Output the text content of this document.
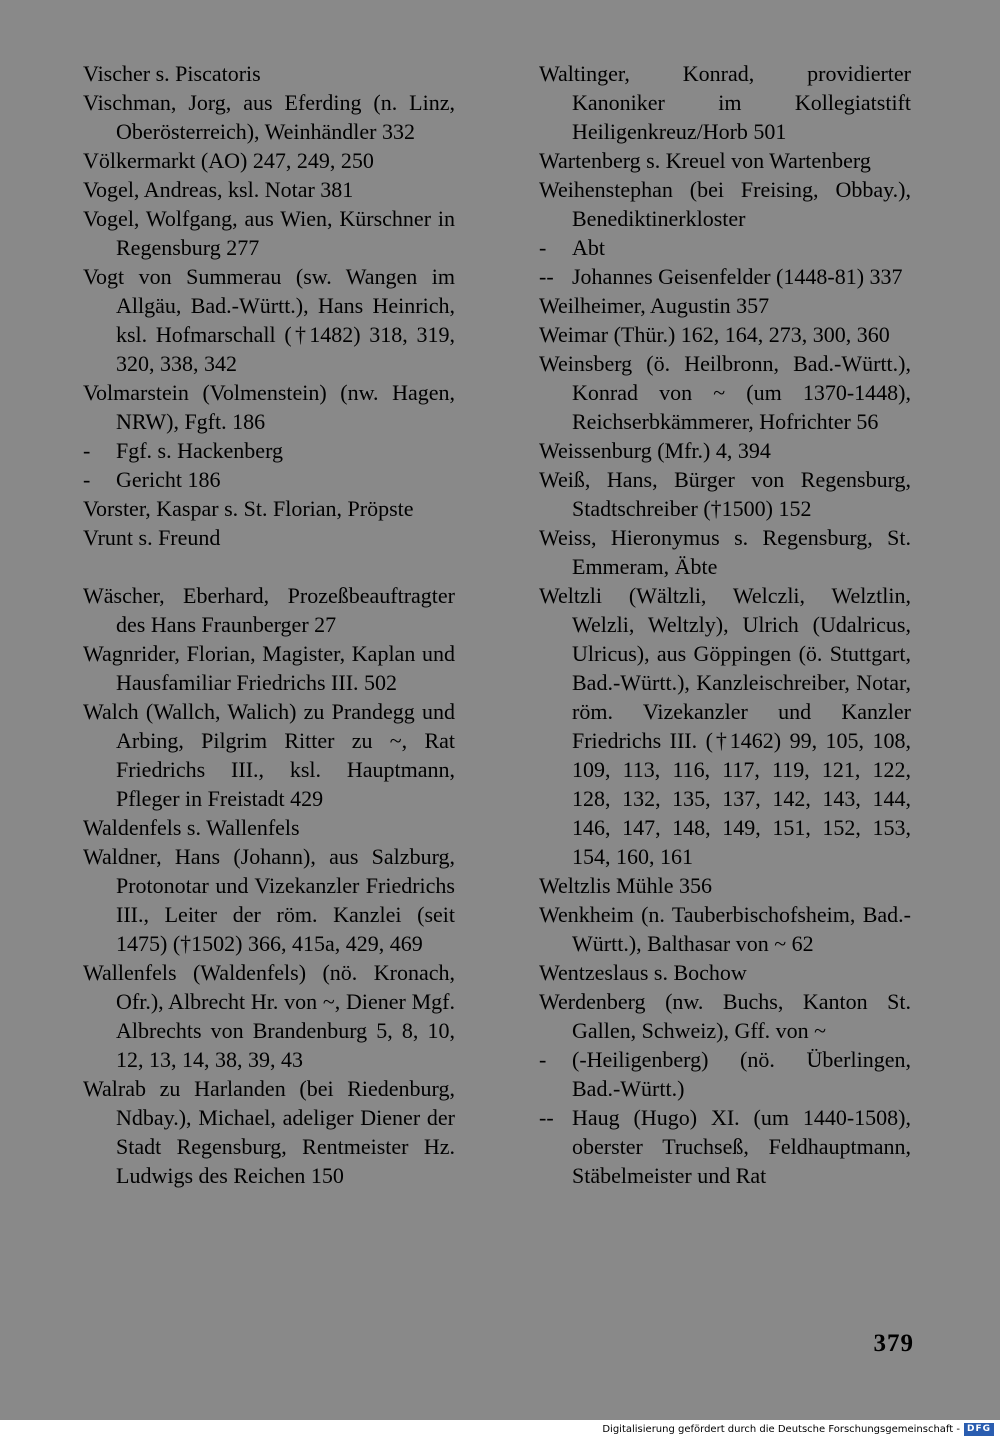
Vischer s. Piscatoris

Vischman, Jorg, aus Eferding (n. Linz, Oberösterreich), Weinhändler 332

Völkermarkt (AO) 247, 249, 250

Vogel, Andreas, ksl. Notar 381

Vogel, Wolfgang, aus Wien, Kürschner in Regensburg 277

Vogt von Summerau (sw. Wangen im Allgäu, Bad.-Württ.), Hans Heinrich, ksl. Hofmarschall (†1482) 318, 319, 320, 338, 342

Volmarstein (Volmenstein) (nw. Hagen, NRW), Fgft. 186

- Fgf. s. Hackenberg

- Gericht 186

Vorster, Kaspar s. St. Florian, Pröpste

Vrunt s. Freund

Wäscher, Eberhard, Prozeßbeauftragter des Hans Fraunberger 27

Wagnrider, Florian, Magister, Kaplan und Hausfamiliar Friedrichs III. 502

Walch (Wallch, Walich) zu Prandegg und Arbing, Pilgrim Ritter zu ~, Rat Friedrichs III., ksl. Hauptmann, Pfleger in Freistadt 429

Waldenfels s. Wallenfels

Waldner, Hans (Johann), aus Salzburg, Protonotar und Vizekanzler Friedrichs III., Leiter der röm. Kanzlei (seit 1475) (†1502) 366, 415a, 429, 469

Wallenfels (Waldenfels) (nö. Kronach, Ofr.), Albrecht Hr. von ~, Diener Mgf. Albrechts von Brandenburg 5, 8, 10, 12, 13, 14, 38, 39, 43

Walrab zu Harlanden (bei Riedenburg, Ndbay.), Michael, adeliger Diener der Stadt Regensburg, Rentmeister Hz. Ludwigs des Reichen 150

Waltinger, Konrad, providierter Kanoniker im Kollegiatstift Heiligenkreuz/Horb 501

Wartenberg s. Kreuel von Wartenberg

Weihenstephan (bei Freising, Obbay.), Benediktinerkloster

- Abt

-- Johannes Geisenfelder (1448-81) 337

Weilheimer, Augustin 357

Weimar (Thür.) 162, 164, 273, 300, 360

Weinsberg (ö. Heilbronn, Bad.-Württ.), Konrad von ~ (um 1370-1448), Reichserbkämmerer, Hofrichter 56

Weissenburg (Mfr.) 4, 394

Weiß, Hans, Bürger von Regensburg, Stadtschreiber (†1500) 152

Weiss, Hieronymus s. Regensburg, St. Emmeram, Äbte

Weltzli (Wältzli, Welczli, Welztlin, Welzli, Weltzly), Ulrich (Udalricus, Ulricus), aus Göppingen (ö. Stuttgart, Bad.-Württ.), Kanzleischreiber, Notar, röm. Vizekanzler und Kanzler Friedrichs III. (†1462) 99, 105, 108, 109, 113, 116, 117, 119, 121, 122, 128, 132, 135, 137, 142, 143, 144, 146, 147, 148, 149, 151, 152, 153, 154, 160, 161

Weltzlis Mühle 356

Wenkheim (n. Tauberbischofsheim, Bad.-Württ.), Balthasar von ~ 62

Wentzeslaus s. Bochow

Werdenberg (nw. Buchs, Kanton St. Gallen, Schweiz), Gff. von ~

- (-Heiligenberg) (nö. Überlingen, Bad.-Württ.)

-- Haug (Hugo) XI. (um 1440-1508), oberster Truchseß, Feldhauptmann, Stäbelmeister und Rat

379
Digitalisierung gefördert durch die Deutsche Forschungsgemeinschaft - DFG
